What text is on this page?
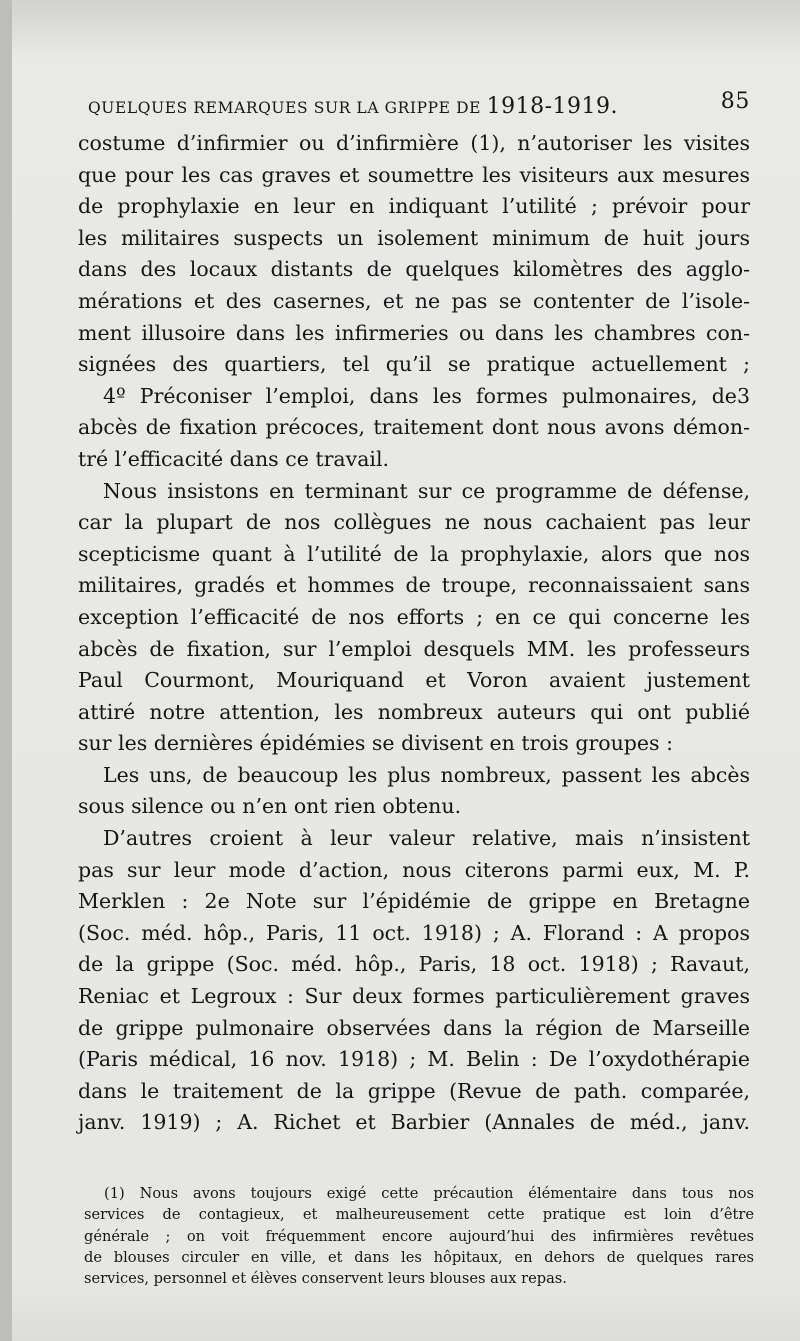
QUELQUES REMARQUES SUR LA GRIPPE DE 1918-1919.	85
costume d’infirmier ou d’infirmière (1), n’autoriser les visites
que pour les cas graves et soumettre les visiteurs aux mesures
de prophylaxie en leur en indiquant l’utilité ; prévoir pour
les militaires suspects un isolement minimum de huit jours
dans des locaux distants de quelques kilomètres des agglo-
mérations et des casernes, et ne pas se contenter de l’isole-
ment illusoire dans les infirmeries ou dans les chambres con-
signées des quartiers, tel qu’il se pratique actuellement ;
4º Préconiser l’emploi, dans les formes pulmonaires, de3
abcès de fixation précoces, traitement dont nous avons démon-
tré l’efficacité dans ce travail.
Nous insistons en terminant sur ce programme de défense,
car la plupart de nos collègues ne nous cachaient pas leur
scepticisme quant à l’utilité de la prophylaxie, alors que nos
militaires, gradés et hommes de troupe, reconnaissaient sans
exception l’efficacité de nos efforts ; en ce qui concerne les
abcès de fixation, sur l’emploi desquels MM. les professeurs
Paul Courmont, Mouriquand et Voron avaient justement
attiré notre attention, les nombreux auteurs qui ont publié
sur les dernières épidémies se divisent en trois groupes :
Les uns, de beaucoup les plus nombreux, passent les abcès
sous silence ou n’en ont rien obtenu.
D’autres croient à leur valeur relative, mais n’insistent
pas sur leur mode d’action, nous citerons parmi eux, M. P.
Merklen : 2e Note sur l’épidémie de grippe en Bretagne
(Soc. méd. hôp., Paris, 11 oct. 1918) ; A. Florand : A propos
de la grippe (Soc. méd. hôp., Paris, 18 oct. 1918) ; Ravaut,
Reniac et Legroux : Sur deux formes particulièrement graves
de grippe pulmonaire observées dans la région de Marseille
(Paris médical, 16 nov. 1918) ; M. Belin : De l’oxydothérapie
dans le traitement de la grippe (Revue de path. comparée,
janv. 1919) ; A. Richet et Barbier (Annales de méd., janv.
(1) Nous avons toujours exigé cette précaution élémentaire dans tous nos
services de contagieux, et malheureusement cette pratique est loin d’être
générale ; on voit fréquemment encore aujourd’hui des infirmières revêtues
de blouses circuler en ville, et dans les hôpitaux, en dehors de quelques rares
services, personnel et élèves conservent leurs blouses aux repas.
